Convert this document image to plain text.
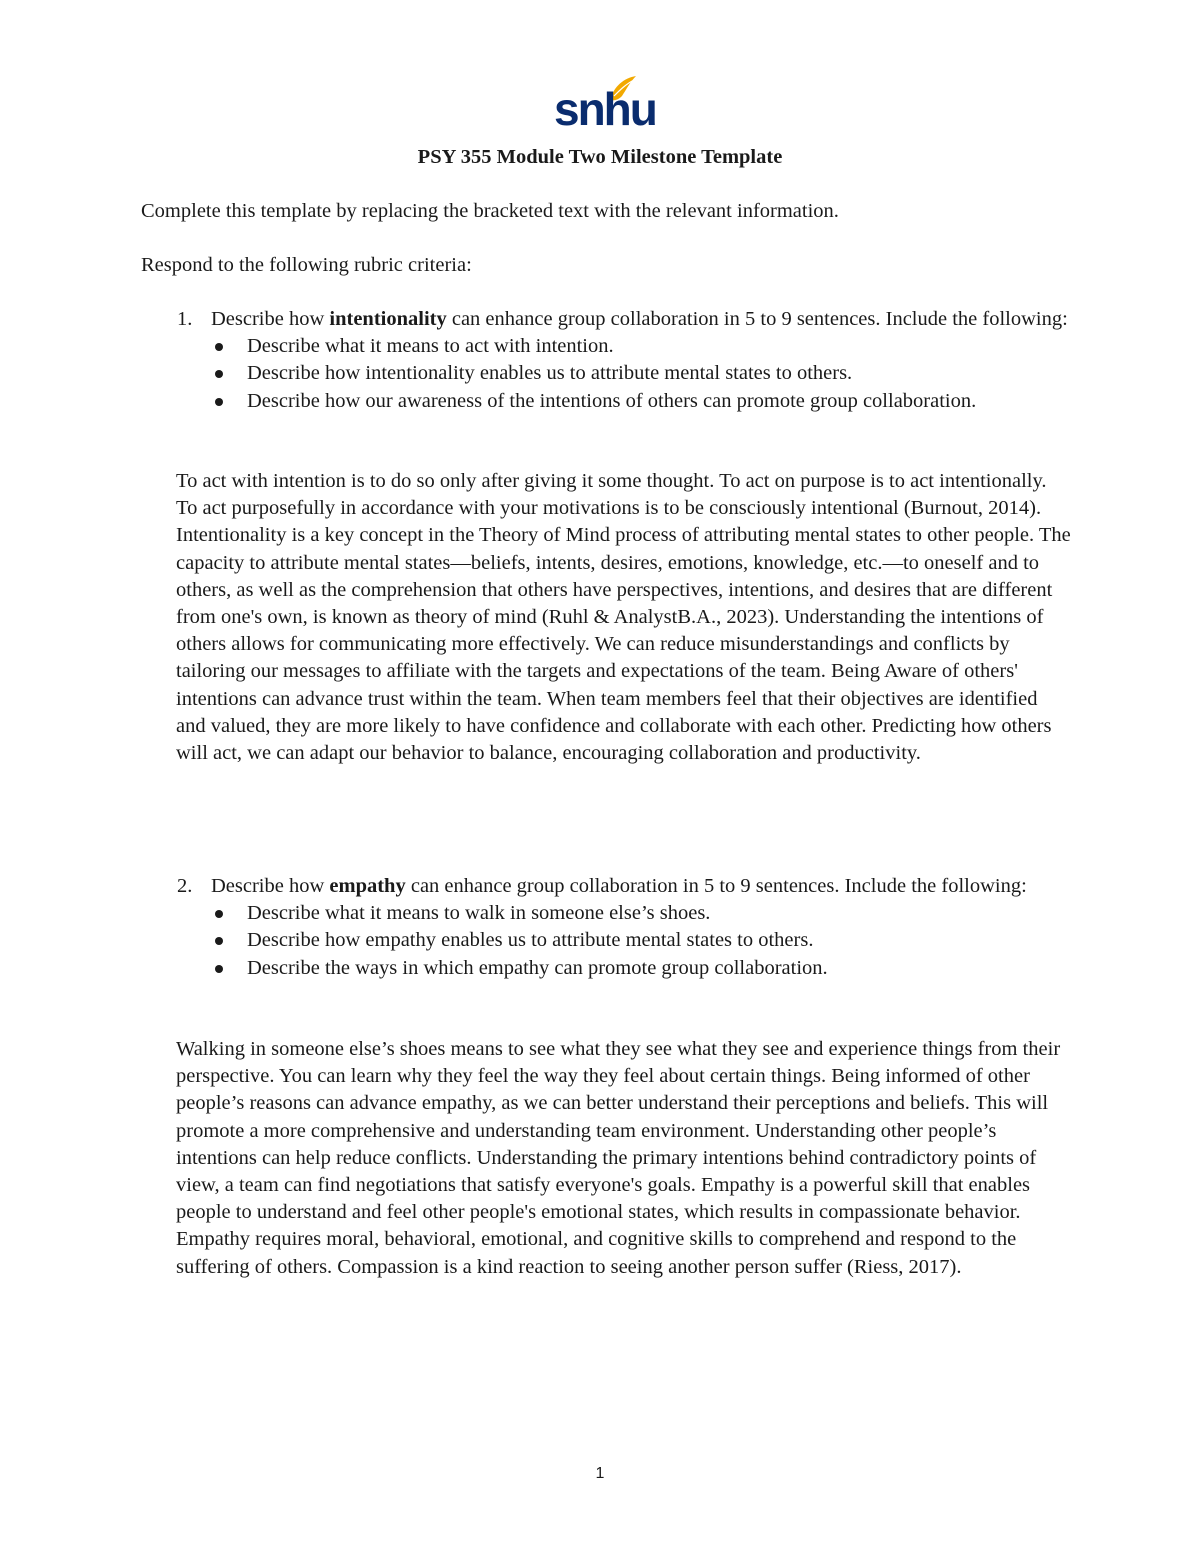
snhu
PSY 355 Module Two Milestone Template
Complete this template by replacing the bracketed text with the relevant information.
Respond to the following rubric criteria:
1. Describe how intentionality can enhance group collaboration in 5 to 9 sentences. Include the following:
Describe what it means to act with intention.
Describe how intentionality enables us to attribute mental states to others.
Describe how our awareness of the intentions of others can promote group collaboration.
To act with intention is to do so only after giving it some thought. To act on purpose is to act intentionally. To act purposefully in accordance with your motivations is to be consciously intentional (Burnout, 2014). Intentionality is a key concept in the Theory of Mind process of attributing mental states to other people. The capacity to attribute mental states—beliefs, intents, desires, emotions, knowledge, etc.—to oneself and to others, as well as the comprehension that others have perspectives, intentions, and desires that are different from one's own, is known as theory of mind (Ruhl & AnalystB.A., 2023). Understanding the intentions of others allows for communicating more effectively. We can reduce misunderstandings and conflicts by tailoring our messages to affiliate with the targets and expectations of the team. Being Aware of others' intentions can advance trust within the team. When team members feel that their objectives are identified and valued, they are more likely to have confidence and collaborate with each other. Predicting how others will act, we can adapt our behavior to balance, encouraging collaboration and productivity.
2. Describe how empathy can enhance group collaboration in 5 to 9 sentences. Include the following:
Describe what it means to walk in someone else’s shoes.
Describe how empathy enables us to attribute mental states to others.
Describe the ways in which empathy can promote group collaboration.
Walking in someone else’s shoes means to see what they see what they see and experience things from their perspective. You can learn why they feel the way they feel about certain things. Being informed of other people’s reasons can advance empathy, as we can better understand their perceptions and beliefs. This will promote a more comprehensive and understanding team environment. Understanding other people’s intentions can help reduce conflicts. Understanding the primary intentions behind contradictory points of view, a team can find negotiations that satisfy everyone's goals. Empathy is a powerful skill that enables people to understand and feel other people's emotional states, which results in compassionate behavior. Empathy requires moral, behavioral, emotional, and cognitive skills to comprehend and respond to the suffering of others. Compassion is a kind reaction to seeing another person suffer (Riess, 2017).
1
